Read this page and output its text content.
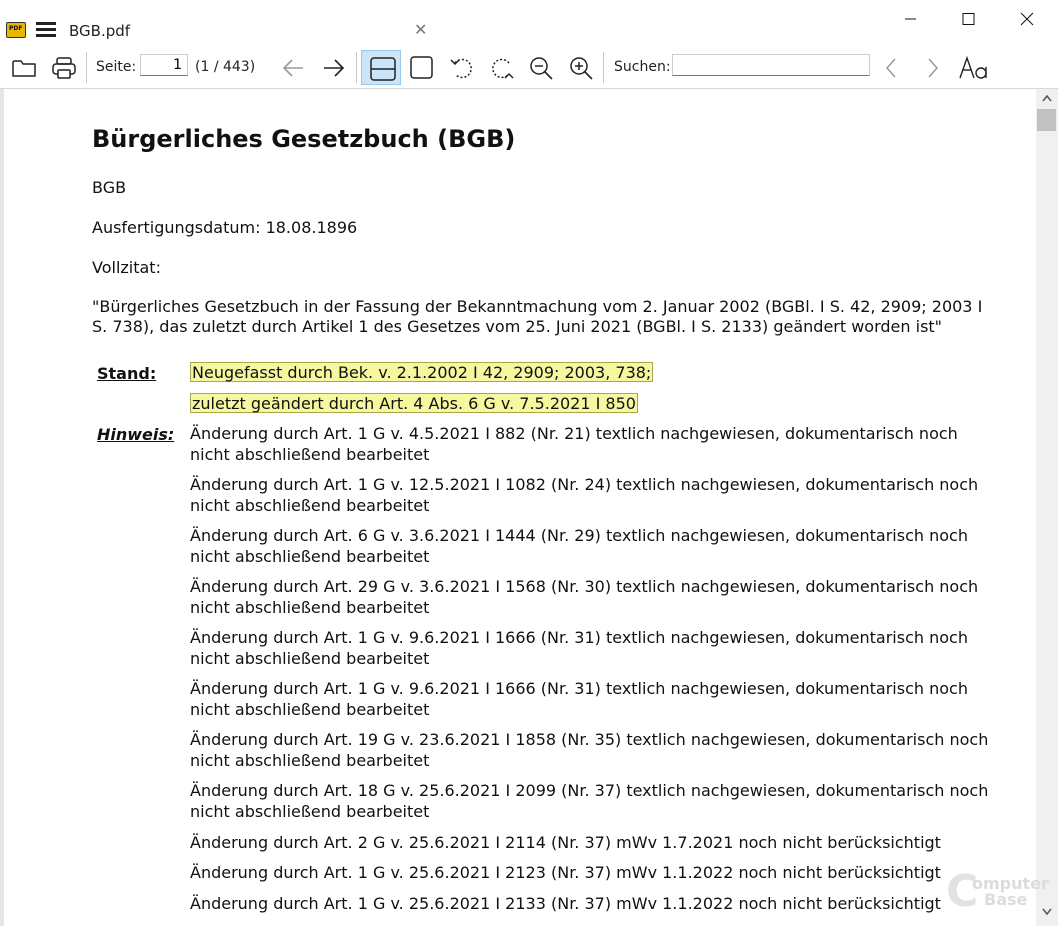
PDF	BGB.pdf	✕
Seite:
1	(1 / 443)	Suchen:
Bürgerliches Gesetzbuch (BGB)
BGB
Ausfertigungsdatum: 18.08.1896
Vollzitat:
"Bürgerliches Gesetzbuch in der Fassung der Bekanntmachung vom 2. Januar 2002 (BGBl. I S. 42, 2909; 2003 I S. 738), das zuletzt durch Artikel 1 des Gesetzes vom 25. Juni 2021 (BGBl. I S. 2133) geändert worden ist"
Stand: Neugefasst durch Bek. v. 2.1.2002 I 42, 2909; 2003, 738;
zuletzt geändert durch Art. 4 Abs. 6 G v. 7.5.2021 I 850
Hinweis: Änderung durch Art. 1 G v. 4.5.2021 I 882 (Nr. 21) textlich nachgewiesen, dokumentarisch noch nicht abschließend bearbeitet
Änderung durch Art. 1 G v. 12.5.2021 I 1082 (Nr. 24) textlich nachgewiesen, dokumentarisch noch nicht abschließend bearbeitet
Änderung durch Art. 6 G v. 3.6.2021 I 1444 (Nr. 29) textlich nachgewiesen, dokumentarisch noch nicht abschließend bearbeitet
Änderung durch Art. 29 G v. 3.6.2021 I 1568 (Nr. 30) textlich nachgewiesen, dokumentarisch noch nicht abschließend bearbeitet
Änderung durch Art. 1 G v. 9.6.2021 I 1666 (Nr. 31) textlich nachgewiesen, dokumentarisch noch nicht abschließend bearbeitet
Änderung durch Art. 1 G v. 9.6.2021 I 1666 (Nr. 31) textlich nachgewiesen, dokumentarisch noch nicht abschließend bearbeitet
Änderung durch Art. 19 G v. 23.6.2021 I 1858 (Nr. 35) textlich nachgewiesen, dokumentarisch noch nicht abschließend bearbeitet
Änderung durch Art. 18 G v. 25.6.2021 I 2099 (Nr. 37) textlich nachgewiesen, dokumentarisch noch nicht abschließend bearbeitet
Änderung durch Art. 2 G v. 25.6.2021 I 2114 (Nr. 37) mWv 1.7.2021 noch nicht berücksichtigt
Änderung durch Art. 1 G v. 25.6.2021 I 2123 (Nr. 37) mWv 1.1.2022 noch nicht berücksichtigt
Änderung durch Art. 1 G v. 25.6.2021 I 2133 (Nr. 37) mWv 1.1.2022 noch nicht berücksichtigt C
omputer
Base
